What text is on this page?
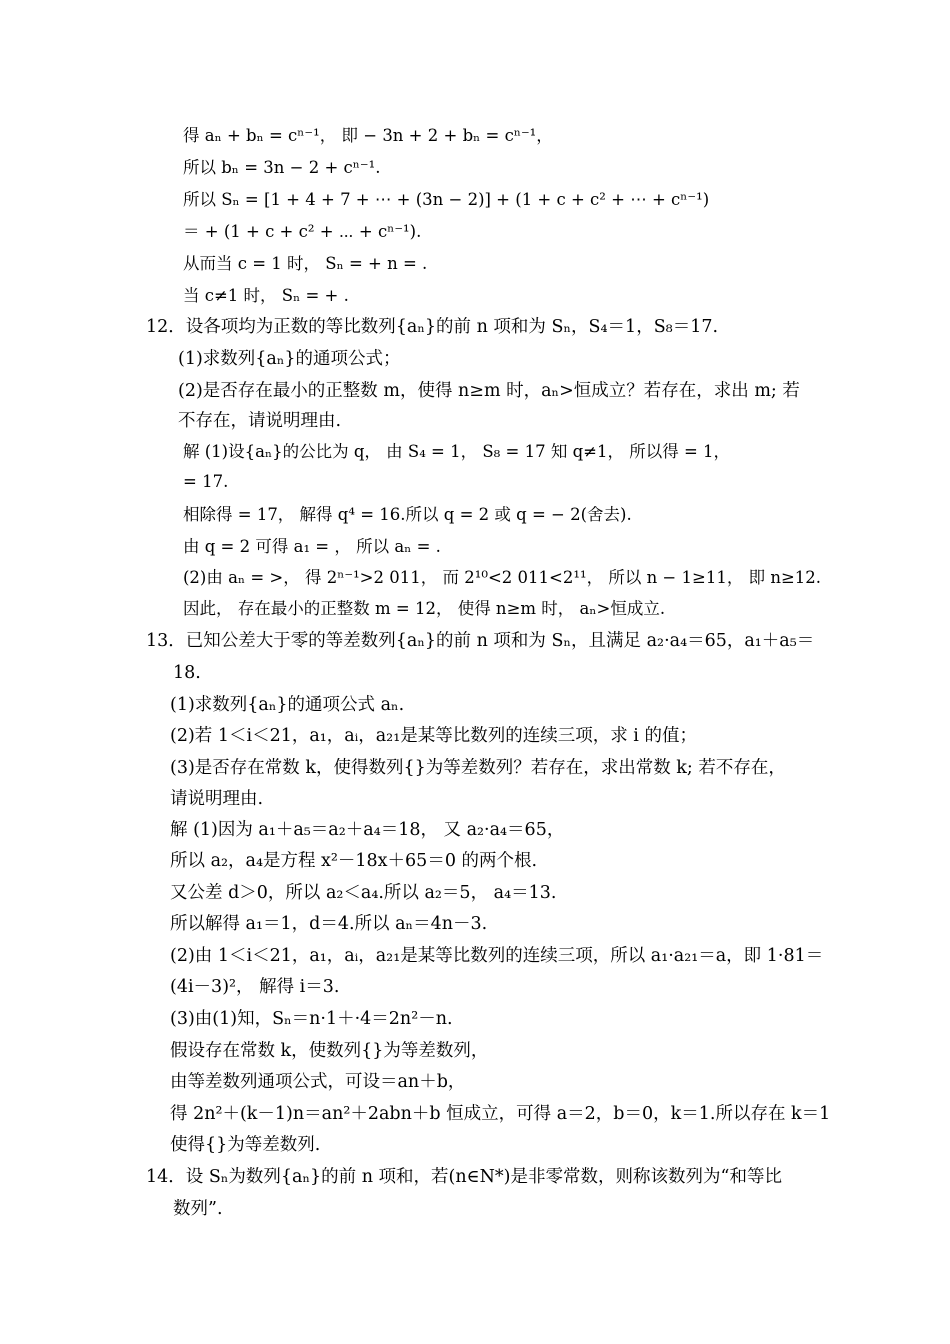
得 aₙ + bₙ = cⁿ⁻¹， 即 − 3n + 2 + bₙ = cⁿ⁻¹，
所以 bₙ = 3n − 2 + cⁿ⁻¹.
所以 Sₙ = [1 + 4 + 7 + ⋯ + (3n − 2)] + (1 + c + c² + ⋯ + cⁿ⁻¹)
＝ + (1 + c + c² + ⋯ + cⁿ⁻¹).
从而当 c = 1 时， Sₙ = + n = .
当 c≠1 时， Sₙ = + .
12．设各项均为正数的等比数列{aₙ}的前 n 项和为 Sₙ，S₄＝1，S₈＝17.
(1)求数列{aₙ}的通项公式；
(2)是否存在最小的正整数 m，使得 n≥m 时，aₙ>恒成立？若存在，求出 m; 若
不存在，请说明理由.
解 (1)设{aₙ}的公比为 q， 由 S₄ = 1， S₈ = 17 知 q≠1， 所以得 = 1，
= 17.
相除得 = 17， 解得 q⁴ = 16.所以 q = 2 或 q = − 2(舍去).
由 q = 2 可得 a₁ = ， 所以 aₙ = .
(2)由 aₙ = >， 得 2ⁿ⁻¹>2 011， 而 2¹⁰<2 011<2¹¹， 所以 n − 1≥11， 即 n≥12.
因此， 存在最小的正整数 m = 12， 使得 n≥m 时， aₙ>恒成立.
13．已知公差大于零的等差数列{aₙ}的前 n 项和为 Sₙ，且满足 a₂·a₄＝65，a₁＋a₅＝
18.
(1)求数列{aₙ}的通项公式 aₙ.
(2)若 1＜i＜21，a₁，aᵢ，a₂₁是某等比数列的连续三项，求 i 的值；
(3)是否存在常数 k，使得数列{}为等差数列？若存在，求出常数 k; 若不存在，
请说明理由.
解 (1)因为 a₁＋a₅＝a₂＋a₄＝18， 又 a₂·a₄＝65，
所以 a₂，a₄是方程 x²－18x＋65＝0 的两个根.
又公差 d＞0，所以 a₂＜a₄.所以 a₂＝5， a₄＝13.
所以解得 a₁＝1，d＝4.所以 aₙ＝4n－3.
(2)由 1＜i＜21，a₁，aᵢ，a₂₁是某等比数列的连续三项，所以 a₁·a₂₁＝a，即 1·81＝
(4i－3)²， 解得 i＝3.
(3)由(1)知，Sₙ＝n·1＋·4＝2n²－n.
假设存在常数 k，使数列{}为等差数列，
由等差数列通项公式，可设＝an＋b，
得 2n²＋(k－1)n＝an²＋2abn＋b 恒成立，可得 a＝2，b＝0，k＝1.所以存在 k＝1
使得{}为等差数列.
14．设 Sₙ为数列{aₙ}的前 n 项和，若(n∈N*)是非零常数，则称该数列为“和等比
数列”.
